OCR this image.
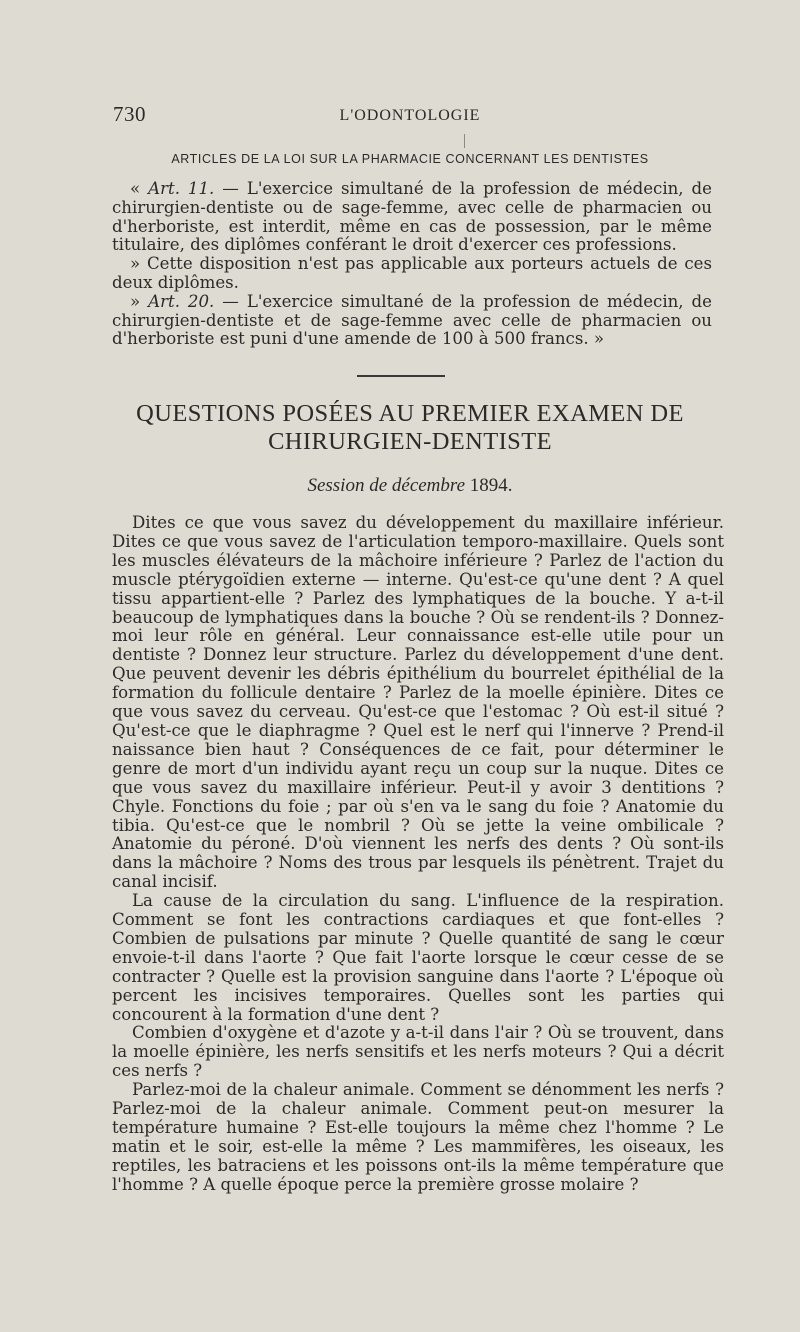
730	L'ODONTOLOGIE
ARTICLES DE LA LOI SUR LA PHARMACIE CONCERNANT LES DENTISTES

« Art. 11. — L'exercice simultané de la profession de médecin, de chirurgien-dentiste ou de sage-femme, avec celle de pharmacien ou d'herboriste, est interdit, même en cas de possession, par le même titulaire, des diplômes conférant le droit d'exercer ces professions.

» Cette disposition n'est pas applicable aux porteurs actuels de ces deux diplômes.

» Art. 20. — L'exercice simultané de la profession de médecin, de chirurgien-dentiste et de sage-femme avec celle de pharmacien ou d'herboriste est puni d'une amende de 100 à 500 francs. »

QUESTIONS POSÉES AU PREMIER EXAMEN DE
CHIRURGIEN-DENTISTE
Session de décembre 1894.

Dites ce que vous savez du développement du maxillaire inférieur. Dites ce que vous savez de l'articulation temporo-maxillaire. Quels sont les muscles élévateurs de la mâchoire inférieure ? Parlez de l'action du muscle ptérygoïdien externe — interne. Qu'est-ce qu'une dent ? A quel tissu appartient-elle ? Parlez des lymphatiques de la bouche. Y a-t-il beaucoup de lymphatiques dans la bouche ? Où se rendent-ils ? Donnez-moi leur rôle en général. Leur connaissance est-elle utile pour un dentiste ? Donnez leur structure. Parlez du développement d'une dent. Que peuvent devenir les débris épithélium du bourrelet épithélial de la formation du follicule dentaire ? Parlez de la moelle épinière. Dites ce que vous savez du cerveau. Qu'est-ce que l'estomac ? Où est-il situé ? Qu'est-ce que le diaphragme ? Quel est le nerf qui l'innerve ? Prend-il naissance bien haut ? Conséquences de ce fait, pour déterminer le genre de mort d'un individu ayant reçu un coup sur la nuque. Dites ce que vous savez du maxillaire inférieur. Peut-il y avoir 3 dentitions ? Chyle. Fonctions du foie ; par où s'en va le sang du foie ? Anatomie du tibia. Qu'est-ce que le nombril ? Où se jette la veine ombilicale ? Anatomie du péroné. D'où viennent les nerfs des dents ? Où sont-ils dans la mâchoire ? Noms des trous par lesquels ils pénètrent. Trajet du canal incisif.

La cause de la circulation du sang. L'influence de la respiration. Comment se font les contractions cardiaques et que font-elles ? Combien de pulsations par minute ? Quelle quantité de sang le cœur envoie-t-il dans l'aorte ? Que fait l'aorte lorsque le cœur cesse de se contracter ? Quelle est la provision sanguine dans l'aorte ? L'époque où percent les incisives temporaires. Quelles sont les parties qui concourent à la formation d'une dent ?

Combien d'oxygène et d'azote y a-t-il dans l'air ? Où se trouvent, dans la moelle épinière, les nerfs sensitifs et les nerfs moteurs ? Qui a décrit ces nerfs ?

Parlez-moi de la chaleur animale. Comment se dénomment les nerfs ? Parlez-moi de la chaleur animale. Comment peut-on mesurer la température humaine ? Est-elle toujours la même chez l'homme ? Le matin et le soir, est-elle la même ? Les mammifères, les oiseaux, les reptiles, les batraciens et les poissons ont-ils la même température que l'homme ? A quelle époque perce la première grosse molaire ?
